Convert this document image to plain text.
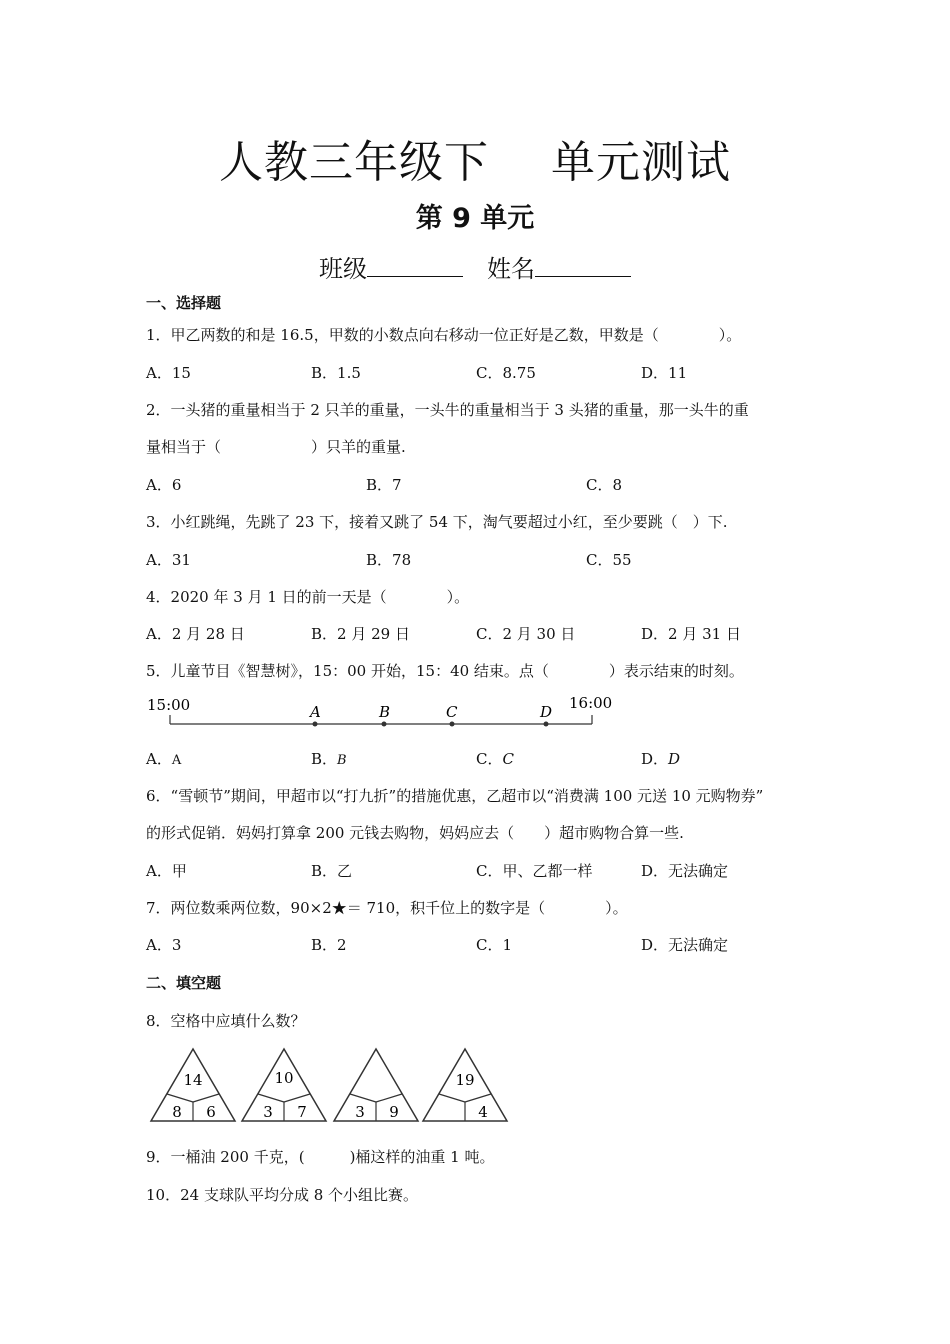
人教三年级下 单元测试
第 9 单元
班级	姓名
一、选择题
1．甲乙两数的和是 16.5，甲数的小数点向右移动一位正好是乙数，甲数是（　　　　）。
A．15	B．1.5	C．8.75	D．11
2．一头猪的重量相当于 2 只羊的重量，一头牛的重量相当于 3 头猪的重量，那一头牛的重
量相当于（　　　　　　）只羊的重量.
A．6	B．7	C．8
3．小红跳绳，先跳了 23 下，接着又跳了 54 下，淘气要超过小红，至少要跳（　）下.
A．31	B．78	C．55
4．2020 年 3 月 1 日的前一天是（　　　　）。
A．2 月 28 日	B．2 月 29 日	C．2 月 30 日	D．2 月 31 日
5．儿童节目《智慧树》，15：00 开始，15：40 结束。点（　　　　）表示结束的时刻。
15:00	16:00
A	B	C	D
A．A	B．B	C．C	D．D
6．“雪顿节”期间，甲超市以“打九折”的措施优惠，乙超市以“消费满 100 元送 10 元购物券”
的形式促销．妈妈打算拿 200 元钱去购物，妈妈应去（　　）超市购物合算一些.
A．甲	B．乙	C．甲、乙都一样	D．无法确定
7．两位数乘两位数，90×2★＝ 710，积千位上的数字是（　　　　）。
A．3	B．2	C．1	D．无法确定
二、填空题
8．空格中应填什么数？
14
8 6
10
3 7	3 9
19
4
9．一桶油 200 千克，(　　　)桶这样的油重 1 吨。
10．24 支球队平均分成 8 个小组比赛。
